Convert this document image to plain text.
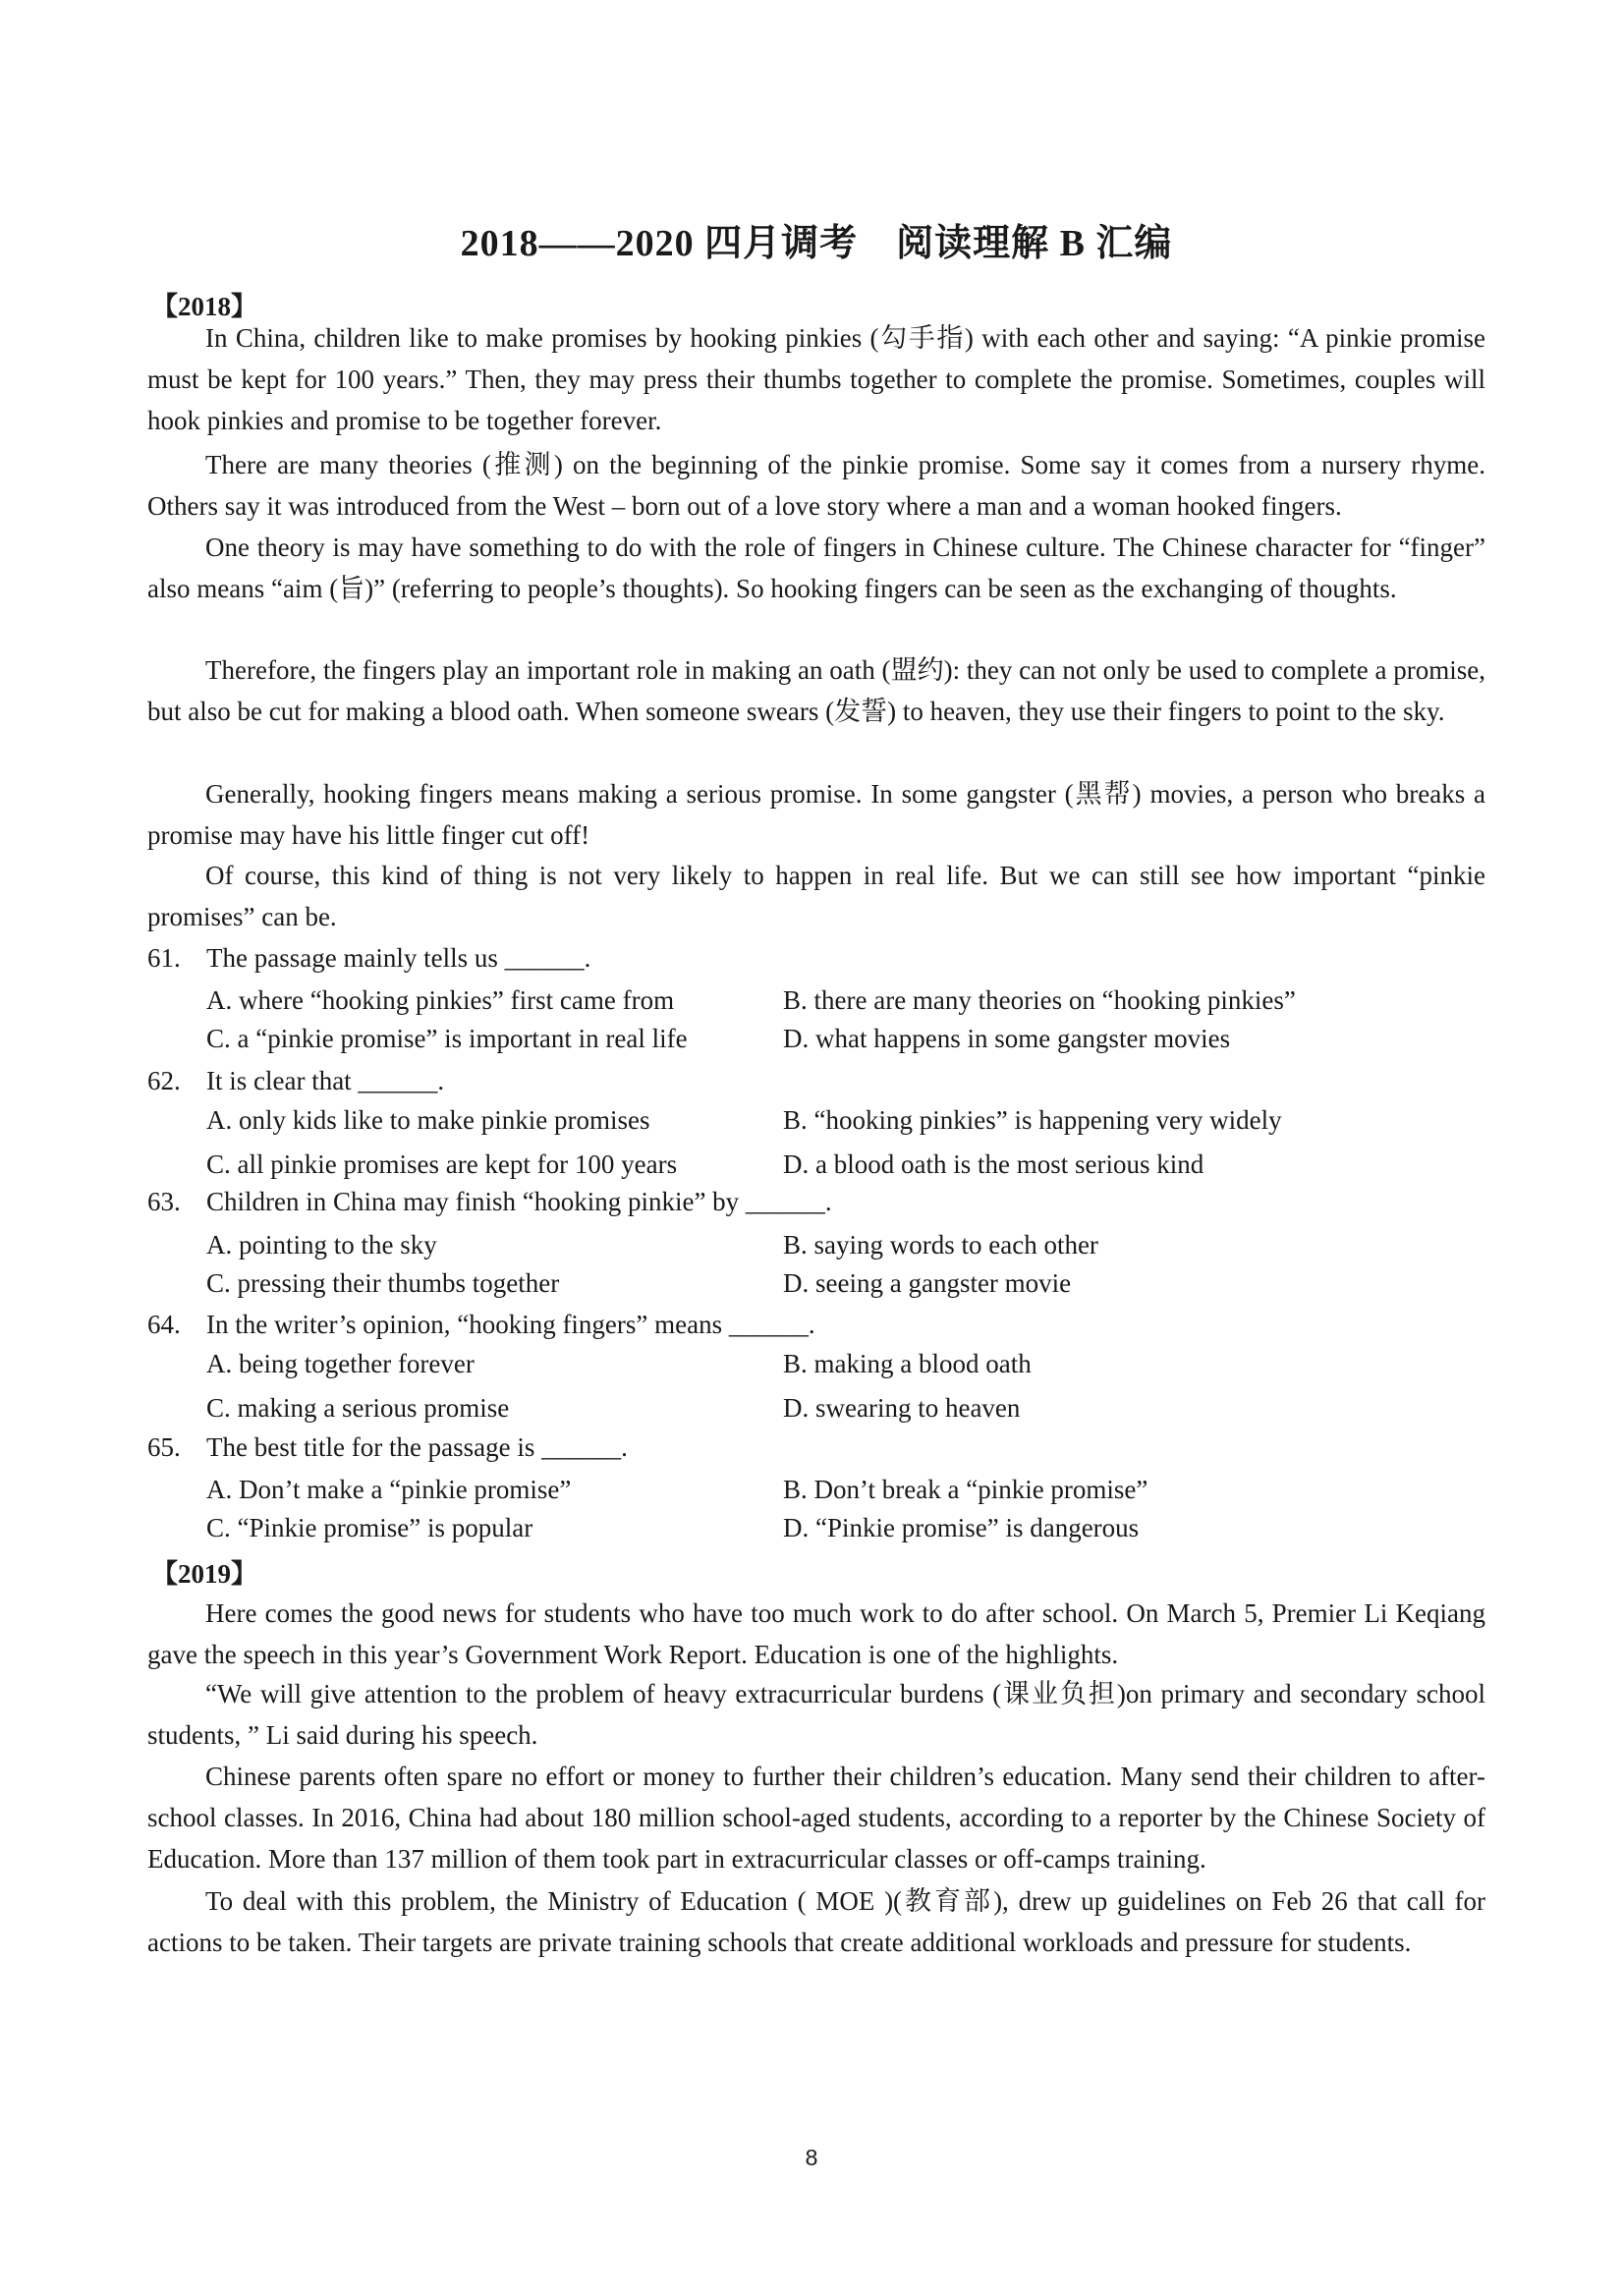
2018——2020 四月调考　阅读理解 B 汇编
【2018】

In China, children like to make promises by hooking pinkies (勾手指) with each other and saying: “A pinkie promise must be kept for 100 years.” Then, they may press their thumbs together to complete the promise. Sometimes, couples will hook pinkies and promise to be together forever.

There are many theories (推测) on the beginning of the pinkie promise. Some say it comes from a nursery rhyme. Others say it was introduced from the West – born out of a love story where a man and a woman hooked fingers.

One theory is may have something to do with the role of fingers in Chinese culture. The Chinese character for “finger” also means “aim (旨)” (referring to people’s thoughts). So hooking fingers can be seen as the exchanging of thoughts.

Therefore, the fingers play an important role in making an oath (盟约): they can not only be used to complete a promise, but also be cut for making a blood oath. When someone swears (发誓) to heaven, they use their fingers to point to the sky.

Generally, hooking fingers means making a serious promise. In some gangster (黑帮) movies, a person who breaks a promise may have his little finger cut off!

Of course, this kind of thing is not very likely to happen in real life. But we can still see how important “pinkie promises” can be.

61. The passage mainly tells us ______.
A. where “hooking pinkies” first came from	B. there are many theories on “hooking pinkies”
C. a “pinkie promise” is important in real life	D. what happens in some gangster movies
62. It is clear that ______.
A. only kids like to make pinkie promises	B. “hooking pinkies” is happening very widely
C. all pinkie promises are kept for 100 years	D. a blood oath is the most serious kind
63. Children in China may finish “hooking pinkie” by ______.
A. pointing to the sky	B. saying words to each other
C. pressing their thumbs together	D. seeing a gangster movie
64. In the writer’s opinion, “hooking fingers” means ______.
A. being together forever	B. making a blood oath
C. making a serious promise	D. swearing to heaven
65. The best title for the passage is ______.
A. Don’t make a “pinkie promise”	B. Don’t break a “pinkie promise”
C. “Pinkie promise” is popular	D. “Pinkie promise” is dangerous
【2019】

Here comes the good news for students who have too much work to do after school. On March 5, Premier Li Keqiang gave the speech in this year’s Government Work Report. Education is one of the highlights.

“We will give attention to the problem of heavy extracurricular burdens (课业负担)on primary and secondary school students, ” Li said during his speech.

Chinese parents often spare no effort or money to further their children’s education. Many send their children to after-school classes. In 2016, China had about 180 million school-aged students, according to a reporter by the Chinese Society of Education. More than 137 million of them took part in extracurricular classes or off-camps training.

To deal with this problem, the Ministry of Education ( MOE )(教育部), drew up guidelines on Feb 26 that call for actions to be taken. Their targets are private training schools that create additional workloads and pressure for students.

8
